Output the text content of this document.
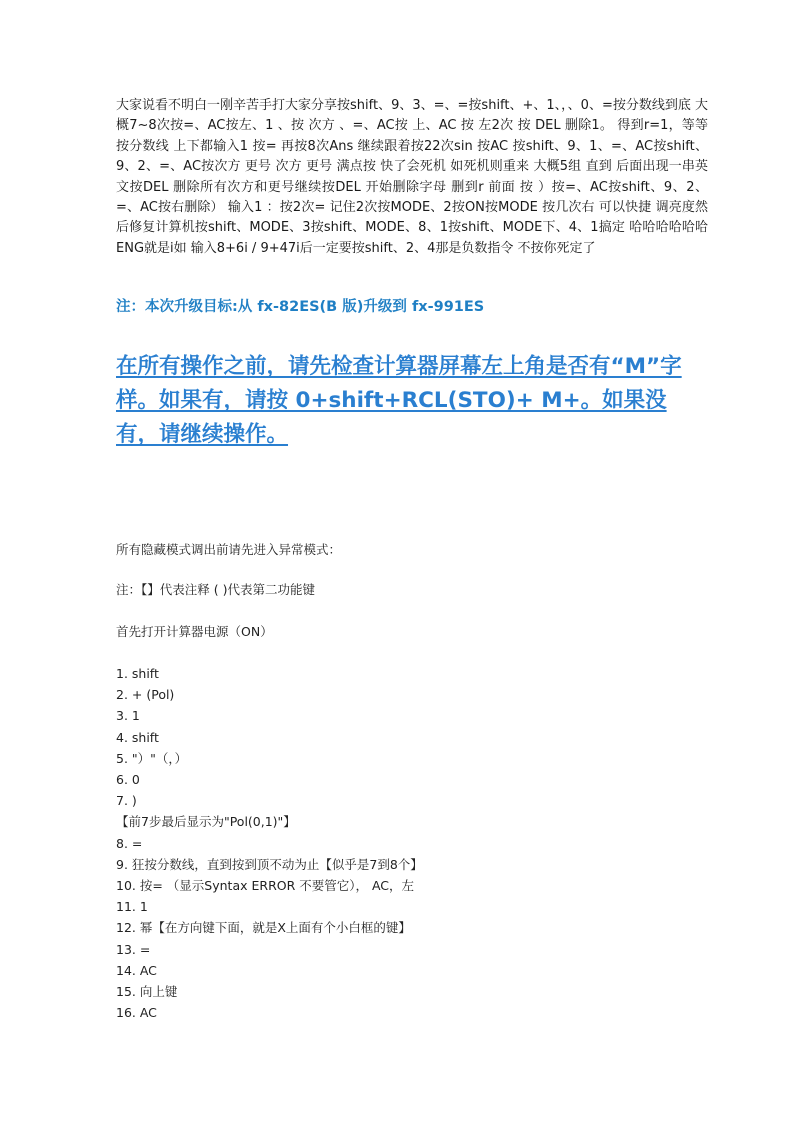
大家说看不明白一刚辛苦手打大家分享按shift、9、3、=、=按shift、+、1、，、0、=按分数线到底 大概7~8次按=、AC按左、1 、按 次方 、=、AC按 上、AC 按 左2次 按 DEL 删除1。 得到r=1，等等按分数线 上下都输入1 按= 再按8次Ans 继续跟着按22次sin 按AC 按shift、9、1、=、AC按shift、9、2、=、AC按次方 更号 次方 更号 满点按 快了会死机 如死机则重来 大概5组 直到 后面出现一串英文按DEL 删除所有次方和更号继续按DEL 开始删除字母 删到r 前面 按 ）按=、AC按shift、9、2、=、AC按右删除） 输入1 ：按2次= 记住2次按MODE、2按ON按MODE 按几次右 可以快捷 调亮度然后修复计算机按shift、MODE、3按shift、MODE、8、1按shift、MODE下、4、1搞定 哈哈哈哈哈哈ENG就是i如 输入8+6i / 9+47i后一定要按shift、2、4那是负数指令 不按你死定了

注：本次升级目标:从 fx-82ES(B 版)升级到 fx-991ES

在所有操作之前，请先检查计算器屏幕左上角是否有“M”字样。如果有，请按 0+shift+RCL(STO)+ M+。如果没有，请继续操作。

所有隐藏模式调出前请先进入异常模式：

注：【】代表注释 ( )代表第二功能键

首先打开计算器电源（ON）

1. shift
2. + (Pol)
3. 1
4. shift
5. "）"（，）
6. 0
7. )
【前7步最后显示为"Pol(0,1)"】
8. =
9. 狂按分数线，直到按到顶不动为止【似乎是7到8个】
10. 按= （显示Syntax ERROR 不要管它）， AC，左
11. 1
12. 幂【在方向键下面，就是X上面有个小白框的键】
13. =
14. AC
15. 向上键
16. AC
